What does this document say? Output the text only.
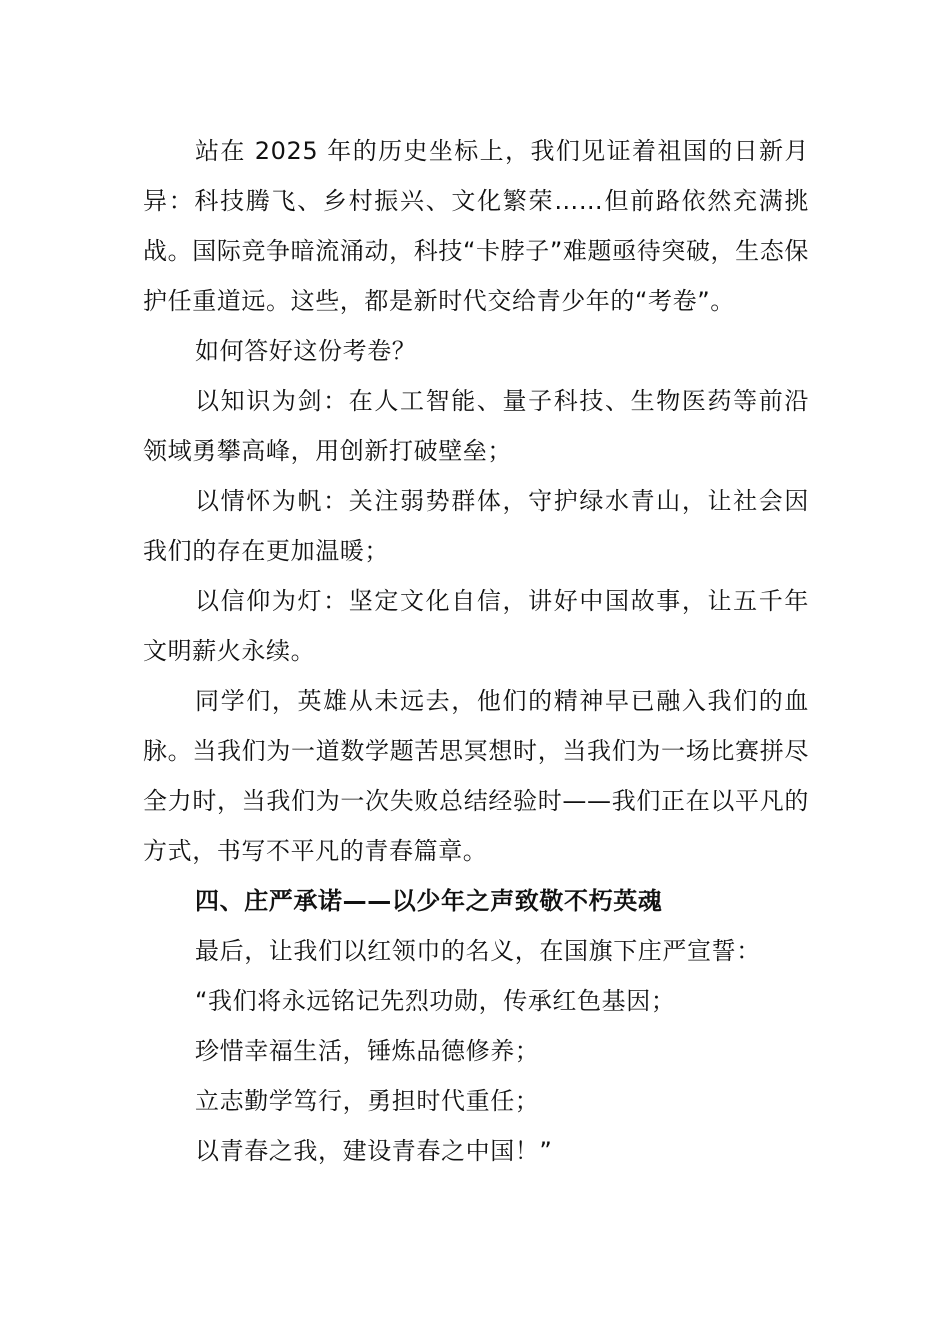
站在 2025 年的历史坐标上，我们见证着祖国的日新月异：科技腾飞、乡村振兴、文化繁荣……但前路依然充满挑战。国际竞争暗流涌动，科技“卡脖子”难题亟待突破，生态保护任重道远。这些，都是新时代交给青少年的“考卷”。

如何答好这份考卷？

以知识为剑：在人工智能、量子科技、生物医药等前沿领域勇攀高峰，用创新打破壁垒；

以情怀为帆：关注弱势群体，守护绿水青山，让社会因我们的存在更加温暖；

以信仰为灯：坚定文化自信，讲好中国故事，让五千年文明薪火永续。

同学们，英雄从未远去，他们的精神早已融入我们的血脉。当我们为一道数学题苦思冥想时，当我们为一场比赛拼尽全力时，当我们为一次失败总结经验时——我们正在以平凡的方式，书写不平凡的青春篇章。

四、庄严承诺——以少年之声致敬不朽英魂

最后，让我们以红领巾的名义，在国旗下庄严宣誓：

“我们将永远铭记先烈功勋，传承红色基因；

珍惜幸福生活，锤炼品德修养；

立志勤学笃行，勇担时代重任；

以青春之我，建设青春之中国！”
